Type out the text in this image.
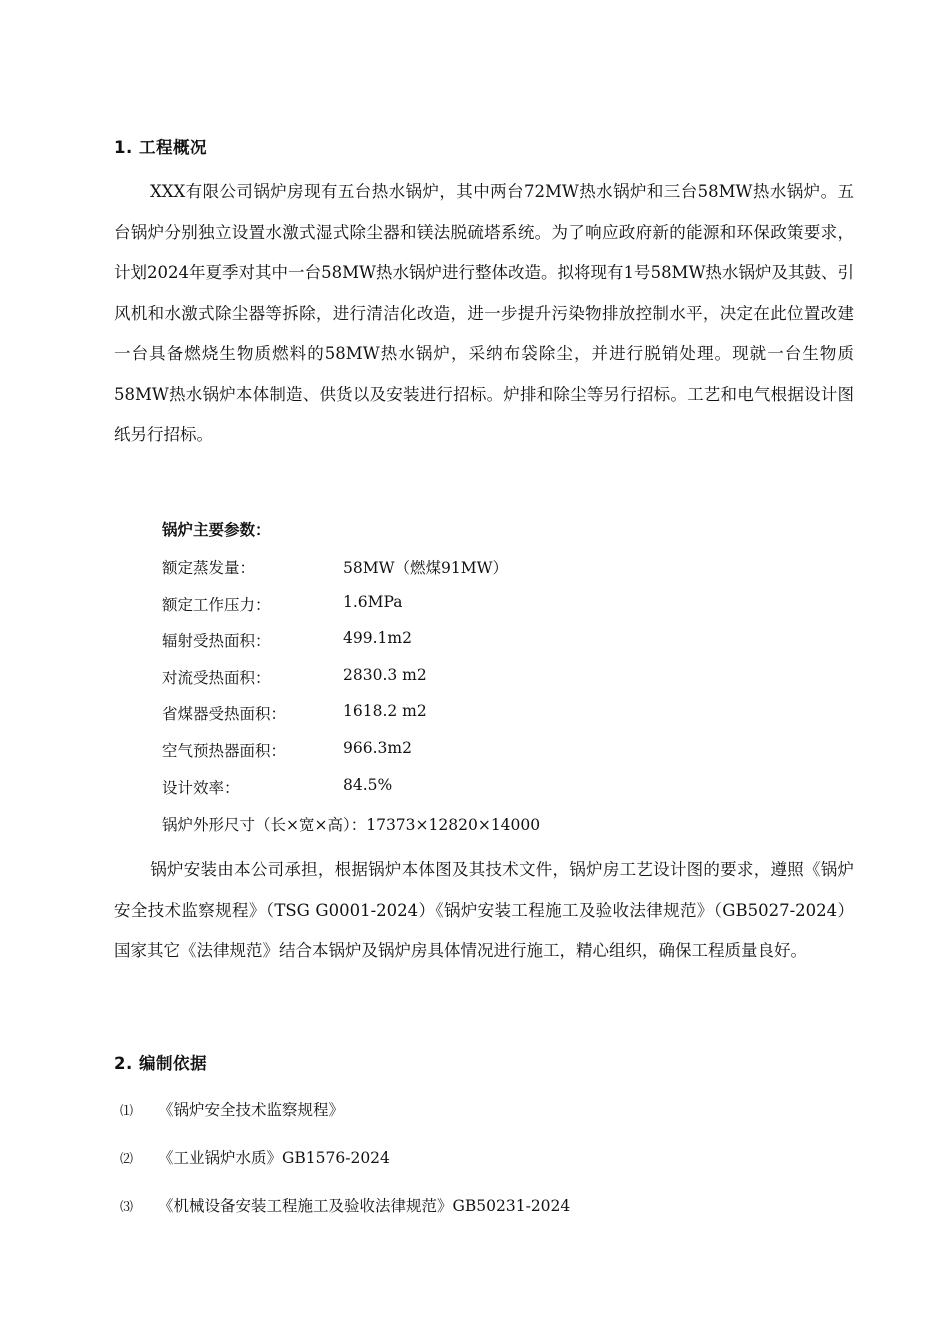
1. 工程概况
XXX有限公司锅炉房现有五台热水锅炉，其中两台72MW热水锅炉和三台58MW热水锅炉。五台锅炉分别独立设置水激式湿式除尘器和镁法脱硫塔系统。为了响应政府新的能源和环保政策要求，计划2024年夏季对其中一台58MW热水锅炉进行整体改造。拟将现有1号58MW热水锅炉及其鼓、引风机和水激式除尘器等拆除，进行清洁化改造，进一步提升污染物排放控制水平，决定在此位置改建一台具备燃烧生物质燃料的58MW热水锅炉，采纳布袋除尘，并进行脱销处理。现就一台生物质58MW热水锅炉本体制造、供货以及安装进行招标。炉排和除尘等另行招标。工艺和电气根据设计图纸另行招标。
锅炉主要参数：
额定蒸发量：	58MW（燃煤91MW）
额定工作压力：	1.6MPa
辐射受热面积：	499.1m2
对流受热面积：	2830.3 m2
省煤器受热面积：	1618.2 m2
空气预热器面积：	966.3m2
设计效率：	84.5%
锅炉外形尺寸（长×宽×高）：17373×12820×14000
锅炉安装由本公司承担，根据锅炉本体图及其技术文件，锅炉房工艺设计图的要求，遵照《锅炉安全技术监察规程》（TSG G0001-2024）《锅炉安装工程施工及验收法律规范》（GB5027-2024）国家其它《法律规范》结合本锅炉及锅炉房具体情况进行施工，精心组织，确保工程质量良好。
2. 编制依据
⑴ 《锅炉安全技术监察规程》
⑵ 《工业锅炉水质》GB1576-2024
⑶ 《机械设备安装工程施工及验收法律规范》GB50231-2024
